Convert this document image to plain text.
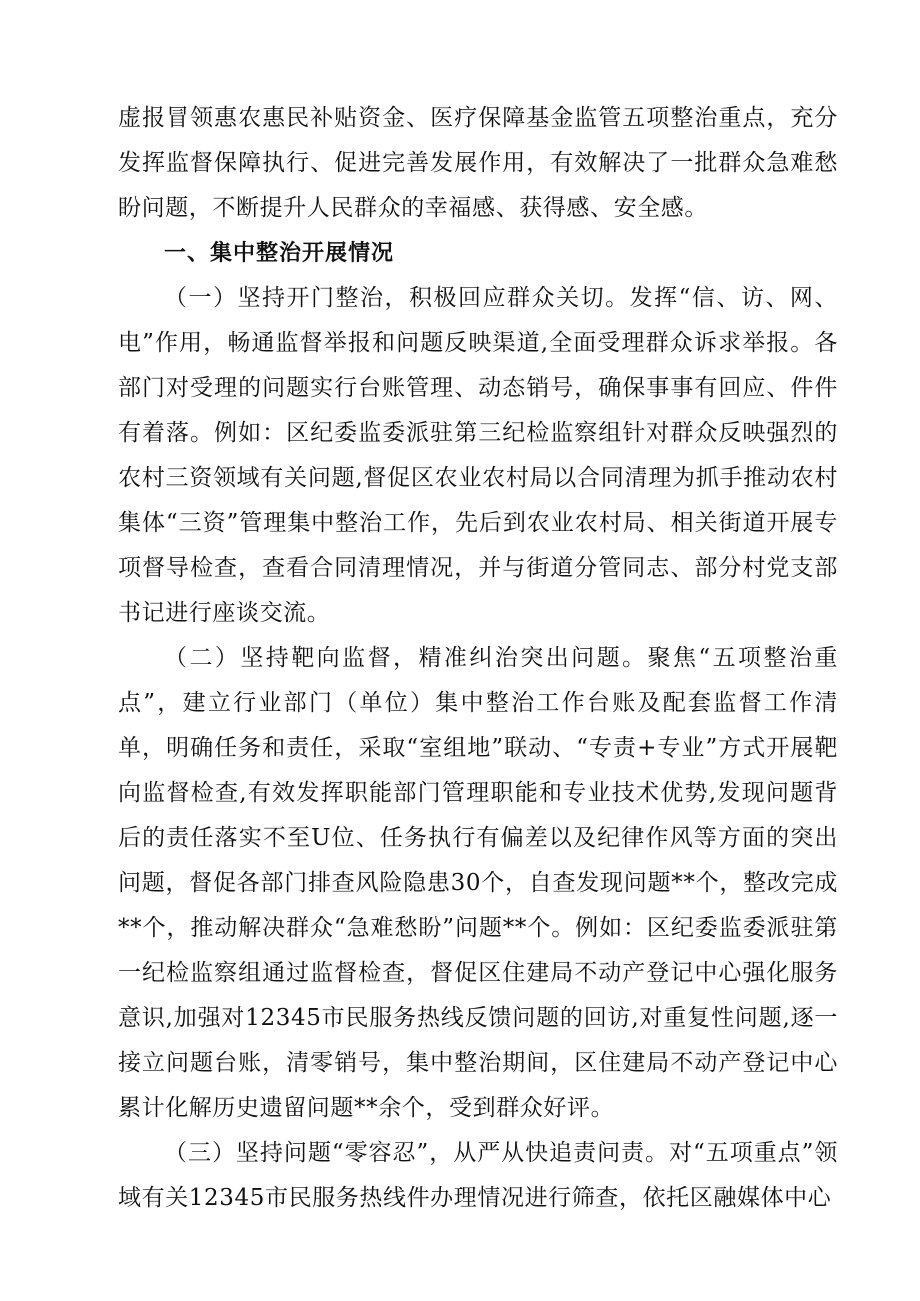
虚报冒领惠农惠民补贴资金、医疗保障基金监管五项整治重点，充分发挥监督保障执行、促进完善发展作用，有效解决了一批群众急难愁盼问题，不断提升人民群众的幸福感、获得感、安全感。

一、集中整治开展情况

（一）坚持开门整治，积极回应群众关切。发挥“信、访、网、电”作用，畅通监督举报和问题反映渠道,全面受理群众诉求举报。各部门对受理的问题实行台账管理、动态销号，确保事事有回应、件件有着落。例如：区纪委监委派驻第三纪检监察组针对群众反映强烈的农村三资领域有关问题,督促区农业农村局以合同清理为抓手推动农村集体“三资”管理集中整治工作，先后到农业农村局、相关街道开展专项督导检查，查看合同清理情况，并与街道分管同志、部分村党支部书记进行座谈交流。

（二）坚持靶向监督，精准纠治突出问题。聚焦“五项整治重点”，建立行业部门（单位）集中整治工作台账及配套监督工作清单，明确任务和责任，采取“室组地”联动、“专责+专业”方式开展靶向监督检查,有效发挥职能部门管理职能和专业技术优势,发现问题背后的责任落实不至U位、任务执行有偏差以及纪律作风等方面的突出问题，督促各部门排查风险隐患30个，自查发现问题**个，整改完成**个，推动解决群众“急难愁盼”问题**个。例如：区纪委监委派驻第一纪检监察组通过监督检查，督促区住建局不动产登记中心强化服务意识,加强对12345市民服务热线反馈问题的回访,对重复性问题,逐一接立问题台账，清零销号，集中整治期间，区住建局不动产登记中心累计化解历史遗留问题**余个，受到群众好评。

（三）坚持问题“零容忍”，从严从快追责问责。对“五项重点”领域有关12345市民服务热线件办理情况进行筛查，依托区融媒体中心
